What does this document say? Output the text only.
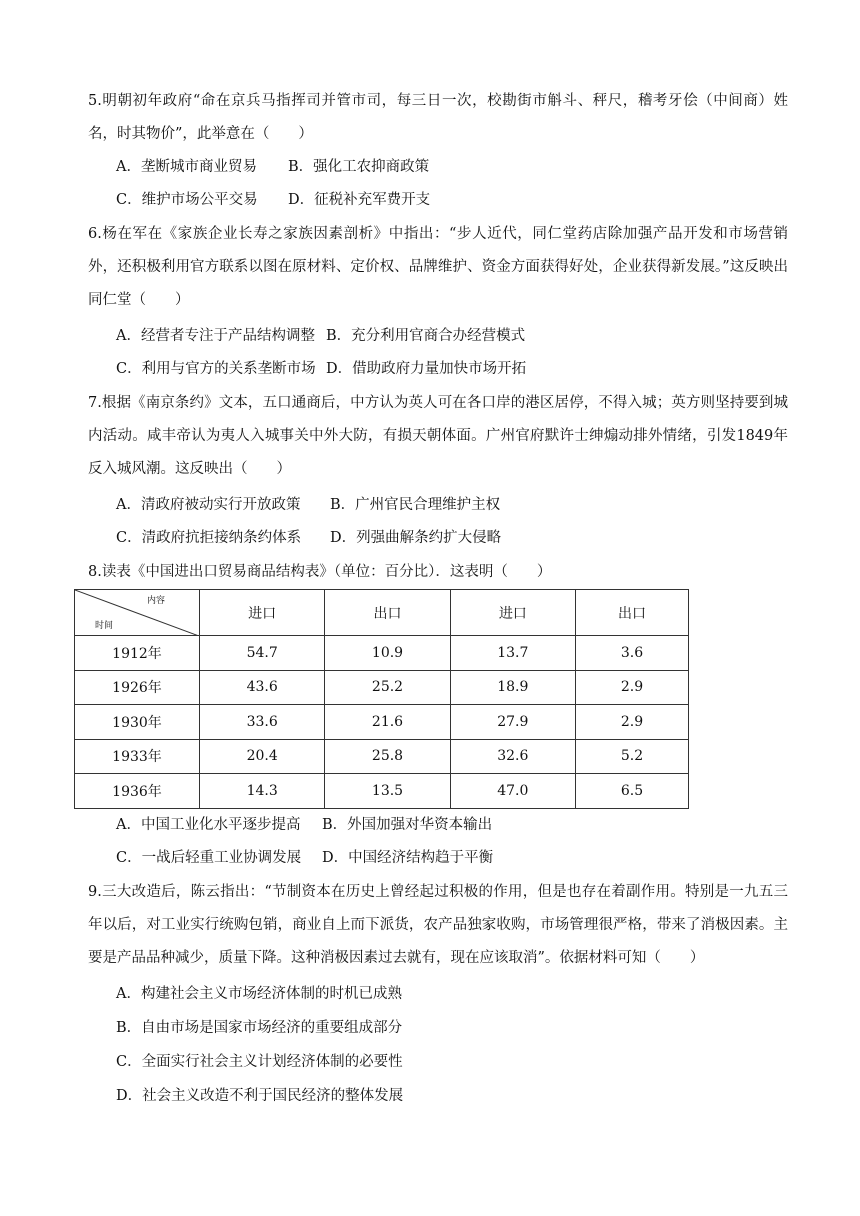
5.明朝初年政府“命在京兵马指挥司并管市司，每三日一次，校勘街市斛斗、秤尺，稽考牙侩（中间商）姓名，时其物价”，此举意在（　　）

A．垄断城市商业贸易 B．强化工农抑商政策
C．维护市场公平交易 D．征税补充军费开支

6.杨在军在《家族企业长寿之家族因素剖析》中指出：“步人近代，同仁堂药店除加强产品开发和市场营销外，还积极利用官方联系以图在原材料、定价权、品牌维护、资金方面获得好处，企业获得新发展。”这反映出同仁堂（　　）

A．经营者专注于产品结构调整 B．充分利用官商合办经营模式
C．利用与官方的关系垄断市场 D．借助政府力量加快市场开拓

7.根据《南京条约》文本，五口通商后，中方认为英人可在各口岸的港区居停，不得入城；英方则坚持要到城内活动。咸丰帝认为夷人入城事关中外大防，有损天朝体面。广州官府默许士绅煽动排外情绪，引发1849年反入城风潮。这反映出（　　）

A．清政府被动实行开放政策 B．广州官民合理维护主权
C．清政府抗拒接纳条约体系 D．列强曲解条约扩大侵略

8.读表《中国进出口贸易商品结构表》（单位：百分比）．这表明（　　）

内容
时间	进口	出口	进口	出口
1912年	54.7	10.9	13.7	3.6
1926年	43.6	25.2	18.9	2.9
1930年	33.6	21.6	27.9	2.9
1933年	20.4	25.8	32.6	5.2
1936年	14.3	13.5	47.0	6.5
A．中国工业化水平逐步提高 B．外国加强对华资本输出
C．一战后轻重工业协调发展 D．中国经济结构趋于平衡

9.三大改造后，陈云指出：“节制资本在历史上曾经起过积极的作用，但是也存在着副作用。特别是一九五三年以后，对工业实行统购包销，商业自上而下派货，农产品独家收购，市场管理很严格，带来了消极因素。主要是产品品种减少，质量下降。这种消极因素过去就有，现在应该取消”。依据材料可知（　　）

A．构建社会主义市场经济体制的时机已成熟
B．自由市场是国家市场经济的重要组成部分
C．全面实行社会主义计划经济体制的必要性
D．社会主义改造不利于国民经济的整体发展
